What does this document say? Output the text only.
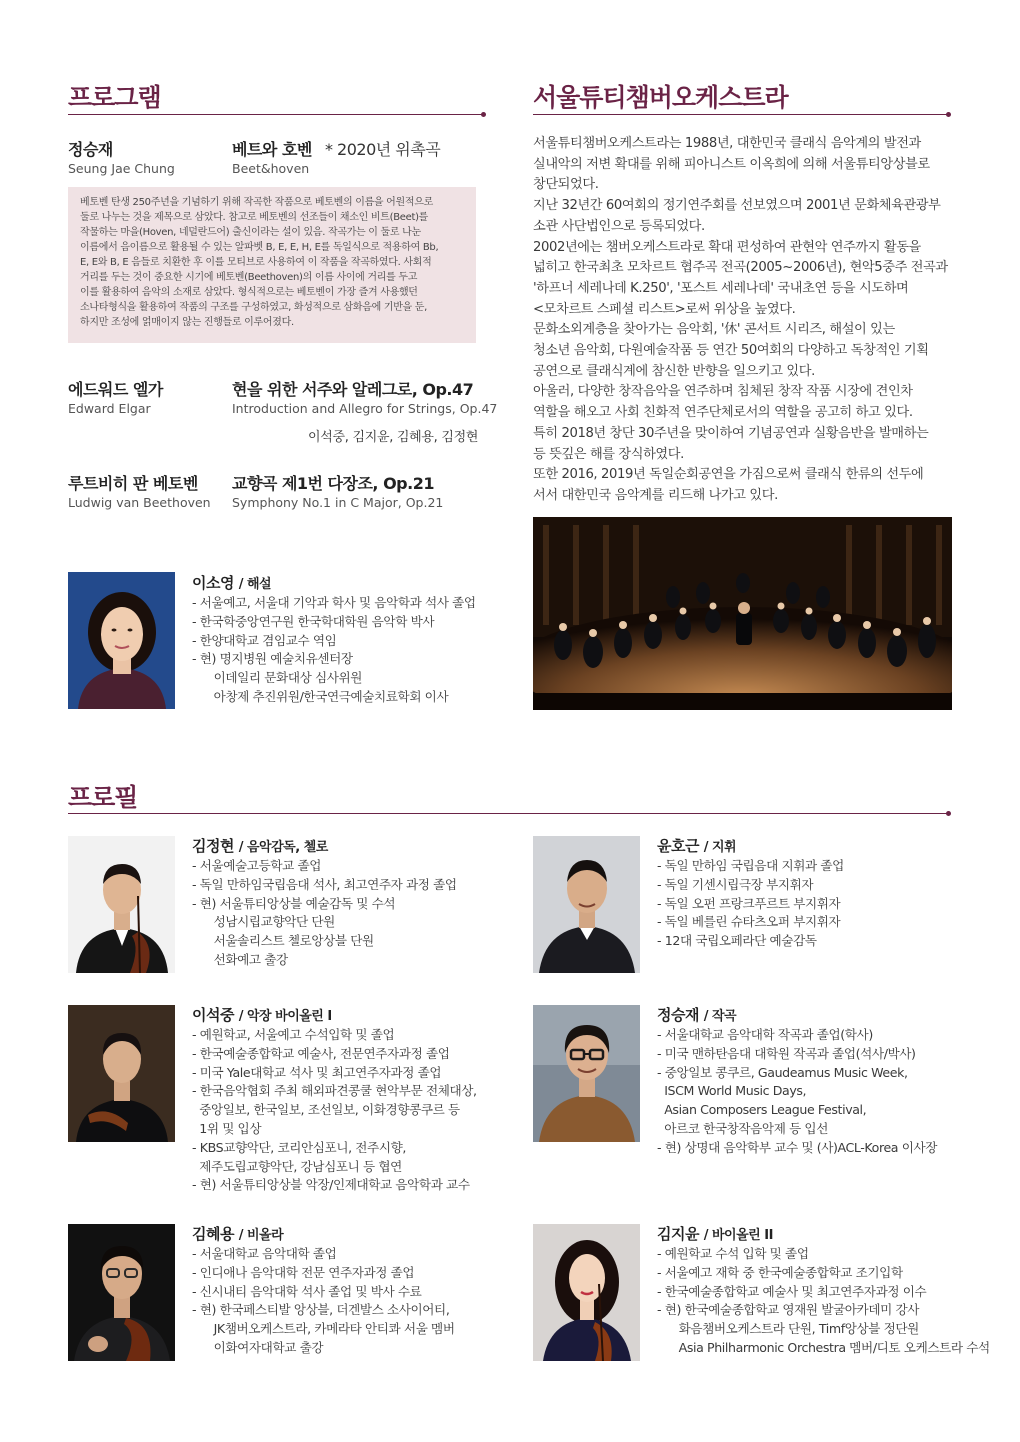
프로그램
정승재
Seung Jae Chung
베트와 호벤 * 2020년 위촉곡
Beet&hoven
베토벤 탄생 250주년을 기념하기 위해 작곡한 작품으로 베토벤의 이름을 어원적으로
둘로 나누는 것을 제목으로 삼았다. 참고로 베토벤의 선조들이 채소인 비트(Beet)를
작물하는 마을(Hoven, 네덜란드어) 출신이라는 설이 있음. 작곡가는 이 둘로 나눈
이름에서 음이름으로 활용될 수 있는 알파벳 B, E, E, H, E를 독일식으로 적용하여 Bb,
E, E와 B, E 음들로 치환한 후 이를 모티브로 사용하여 이 작품을 작곡하였다. 사회적
거리를 두는 것이 중요한 시기에 베토벤(Beethoven)의 이름 사이에 거리를 두고
이를 활용하여 음악의 소재로 삼았다. 형식적으로는 베토벤이 가장 즐겨 사용했던
소나타형식을 활용하여 작품의 구조를 구성하였고, 화성적으로 삼화음에 기반을 둔,
하지만 조성에 얽매이지 않는 진행들로 이루어졌다.
에드워드 엘가
Edward Elgar
현을 위한 서주와 알레그로, Op.47
Introduction and Allegro for Strings, Op.47
이석중, 김지윤, 김혜용, 김정현
루트비히 판 베토벤
Ludwig van Beethoven
교향곡 제1번 다장조, Op.21
Symphony No.1 in C Major, Op.21
서울튜티챔버오케스트라

서울튜티챔버오케스트라는 1988년, 대한민국 클래식 음악계의 발전과

실내악의 저변 확대를 위해 피아니스트 이옥희에 의해 서울튜티앙상블로

창단되었다.

지난 32년간 60여회의 정기연주회를 선보였으며 2001년 문화체육관광부

소관 사단법인으로 등록되었다.

2002년에는 챔버오케스트라로 확대 편성하여 관현악 연주까지 활동을

넓히고 한국최초 모차르트 협주곡 전곡(2005~2006년), 현악5중주 전곡과

'하프너 세레나데 K.250', '포스트 세레나데' 국내초연 등을 시도하며

<모차르트 스페셜 리스트>로써 위상을 높였다.

문화소외계층을 찾아가는 음악회, '休' 콘서트 시리즈, 해설이 있는

청소년 음악회, 다원예술작품 등 연간 50여회의 다양하고 독창적인 기획

공연으로 클래식계에 참신한 반향을 일으키고 있다.

아울러, 다양한 창작음악을 연주하며 침체된 창작 작품 시장에 견인차

역할을 해오고 사회 친화적 연주단체로서의 역할을 공고히 하고 있다.

특히 2018년 창단 30주년을 맞이하여 기념공연과 실황음반을 발매하는

등 뜻깊은 해를 장식하였다.

또한 2016, 2019년 독일순회공연을 가짐으로써 클래식 한류의 선두에

서서 대한민국 음악계를 리드해 나가고 있다.

이소영 / 해설
- 서울예고, 서울대 기악과 학사 및 음악학과 석사 졸업
- 한국학중앙연구원 한국학대학원 음악학 박사
- 한양대학교 겸임교수 역임
- 현) 명지병원 예술치유센터장
이데일리 문화대상 심사위원
아창제 추진위원/한국연극예술치료학회 이사
프로필
김정현 / 음악감독, 첼로
- 서울예술고등학교 졸업
- 독일 만하임국립음대 석사, 최고연주자 과정 졸업
- 현) 서울튜티앙상블 예술감독 및 수석
성남시립교향악단 단원
서울솔리스트 첼로앙상블 단원
선화예고 출강
윤호근 / 지휘
- 독일 만하임 국립음대 지휘과 졸업
- 독일 기센시립극장 부지휘자
- 독일 오펀 프랑크푸르트 부지휘자
- 독일 베를린 슈타츠오퍼 부지휘자
- 12대 국립오페라단 예술감독
이석중 / 악장 바이올린 I
- 예원학교, 서울예고 수석입학 및 졸업
- 한국예술종합학교 예술사, 전문연주자과정 졸업
- 미국 Yale대학교 석사 및 최고연주자과정 졸업
- 한국음악협회 주최 해외파견콩쿨 현악부문 전체대상,
중앙일보, 한국일보, 조선일보, 이화경향콩쿠르 등
1위 및 입상
- KBS교향악단, 코리안심포니, 전주시향,
제주도립교향악단, 강남심포니 등 협연
- 현) 서울튜티앙상블 악장/인제대학교 음악학과 교수
정승재 / 작곡
- 서울대학교 음악대학 작곡과 졸업(학사)
- 미국 맨하탄음대 대학원 작곡과 졸업(석사/박사)
- 중앙일보 콩쿠르, Gaudeamus Music Week,
ISCM World Music Days,
Asian Composers League Festival,
아르코 한국창작음악제 등 입선
- 현) 상명대 음악학부 교수 및 (사)ACL-Korea 이사장
김혜용 / 비올라
- 서울대학교 음악대학 졸업
- 인디애나 음악대학 전문 연주자과정 졸업
- 신시내티 음악대학 석사 졸업 및 박사 수료
- 현) 한국페스티발 앙상블, 더겐발스 소사이어티,
JK챔버오케스트라, 카메라타 안티콰 서울 멤버
이화여자대학교 출강
김지윤 / 바이올린 II
- 예원학교 수석 입학 및 졸업
- 서울예고 재학 중 한국예술종합학교 조기입학
- 한국예술종합학교 예술사 및 최고연주자과정 이수
- 현) 한국예술종합학교 영재원 발굴아카데미 강사
화음챔버오케스트라 단원, Timf앙상블 정단원
Asia Philharmonic Orchestra 멤버/디토 오케스트라 수석
